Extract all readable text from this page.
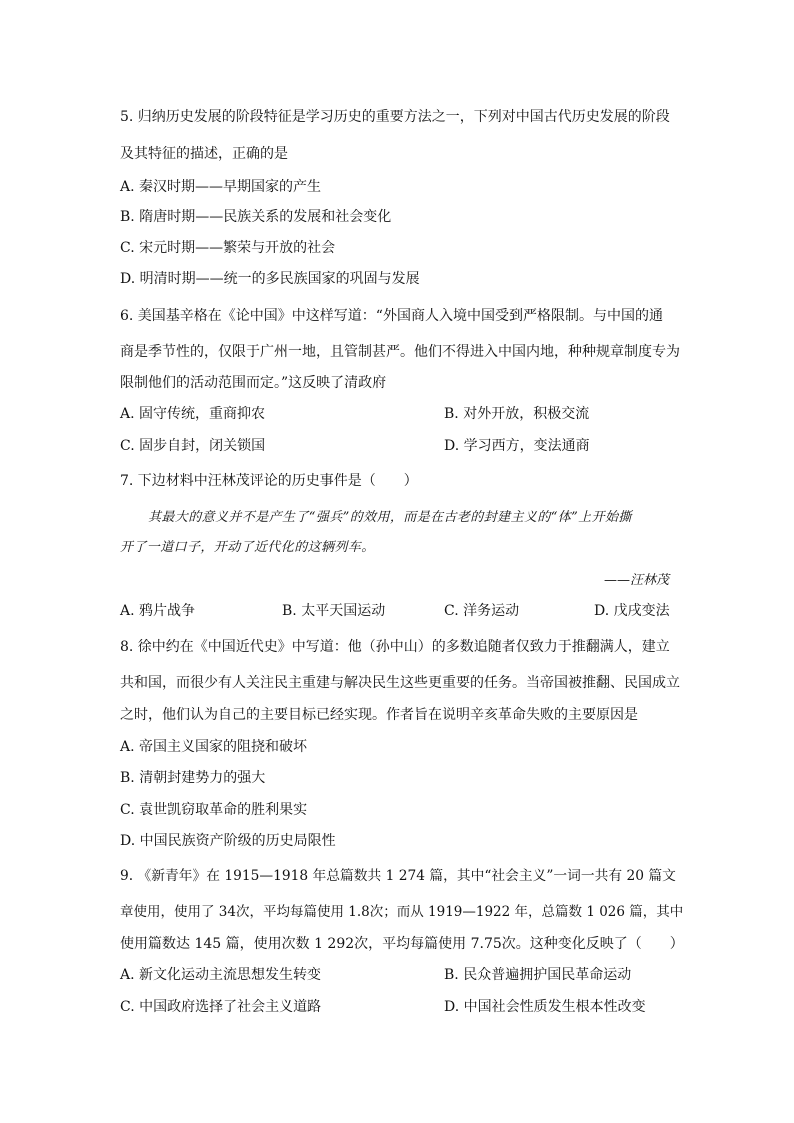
5. 归纳历史发展的阶段特征是学习历史的重要方法之一，下列对中国古代历史发展的阶段
及其特征的描述，正确的是
A. 秦汉时期——早期国家的产生
B. 隋唐时期——民族关系的发展和社会变化
C. 宋元时期——繁荣与开放的社会
D. 明清时期——统一的多民族国家的巩固与发展
6. 美国基辛格在《论中国》中这样写道：“外国商人入境中国受到严格限制。与中国的通
商是季节性的，仅限于广州一地，且管制甚严。他们不得进入中国内地，种种规章制度专为
限制他们的活动范围而定。”这反映了清政府
A. 固守传统，重商抑农	B. 对外开放，积极交流
C. 固步自封，闭关锁国	D. 学习西方，变法通商
7. 下边材料中汪林茂评论的历史事件是（　　）
其最大的意义并不是产生了“强兵”的效用，而是在古老的封建主义的“体”上开始撕
开了一道口子，开动了近代化的这辆列车。
——汪林茂
A. 鸦片战争	B. 太平天国运动	C. 洋务运动	D. 戊戌变法
8. 徐中约在《中国近代史》中写道：他（孙中山）的多数追随者仅致力于推翻满人，建立
共和国，而很少有人关注民主重建与解决民生这些更重要的任务。当帝国被推翻、民国成立
之时，他们认为自己的主要目标已经实现。作者旨在说明辛亥革命失败的主要原因是
A. 帝国主义国家的阻挠和破坏
B. 清朝封建势力的强大
C. 袁世凯窃取革命的胜利果实
D. 中国民族资产阶级的历史局限性
9. 《新青年》在 1915—1918 年总篇数共 1 274 篇，其中“社会主义”一词一共有 20 篇文
章使用，使用了 34次，平均每篇使用 1.8次；而从 1919—1922 年，总篇数 1 026 篇，其中
使用篇数达 145 篇，使用次数 1 292次，平均每篇使用 7.75次。这种变化反映了（　　）
A. 新文化运动主流思想发生转变	B. 民众普遍拥护国民革命运动
C. 中国政府选择了社会主义道路	D. 中国社会性质发生根本性改变
